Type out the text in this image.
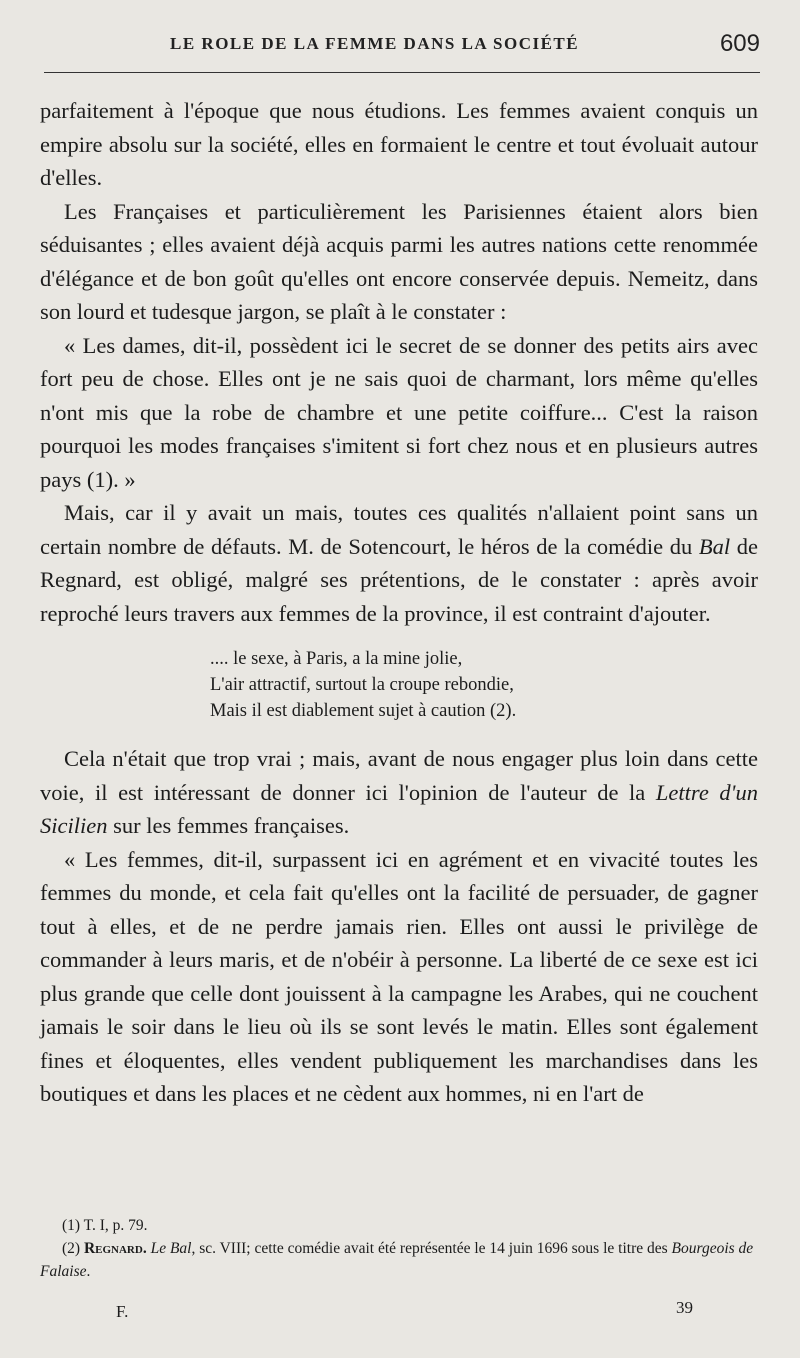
LE ROLE DE LA FEMME DANS LA SOCIÉTÉ	609

parfaitement à l'époque que nous étudions. Les femmes avaient conquis un empire absolu sur la société, elles en formaient le centre et tout évoluait autour d'elles.

Les Françaises et particulièrement les Parisiennes étaient alors bien séduisantes ; elles avaient déjà acquis parmi les autres nations cette renommée d'élégance et de bon goût qu'elles ont encore conservée depuis. Nemeitz, dans son lourd et tudesque jargon, se plaît à le constater :

« Les dames, dit-il, possèdent ici le secret de se donner des petits airs avec fort peu de chose. Elles ont je ne sais quoi de charmant, lors même qu'elles n'ont mis que la robe de chambre et une petite coiffure... C'est la raison pourquoi les modes françaises s'imitent si fort chez nous et en plusieurs autres pays (1). »

Mais, car il y avait un mais, toutes ces qualités n'allaient point sans un certain nombre de défauts. M. de Sotencourt, le héros de la comédie du Bal de Regnard, est obligé, malgré ses prétentions, de le constater : après avoir reproché leurs travers aux femmes de la province, il est contraint d'ajouter.

.... le sexe, à Paris, a la mine jolie,
L'air attractif, surtout la croupe rebondie,
Mais il est diablement sujet à caution (2).

Cela n'était que trop vrai ; mais, avant de nous engager plus loin dans cette voie, il est intéressant de donner ici l'opinion de l'auteur de la Lettre d'un Sicilien sur les femmes françaises.

« Les femmes, dit-il, surpassent ici en agrément et en vivacité toutes les femmes du monde, et cela fait qu'elles ont la facilité de persuader, de gagner tout à elles, et de ne perdre jamais rien. Elles ont aussi le privilège de commander à leurs maris, et de n'obéir à personne. La liberté de ce sexe est ici plus grande que celle dont jouissent à la campagne les Arabes, qui ne couchent jamais le soir dans le lieu où ils se sont levés le matin. Elles sont également fines et éloquentes, elles vendent publiquement les marchandises dans les boutiques et dans les places et ne cèdent aux hommes, ni en l'art de

(1) T. I, p. 79.
(2) Regnard. Le Bal, sc. VIII; cette comédie avait été représentée le 14 juin 1696 sous le titre des Bourgeois de Falaise.
F.	39
